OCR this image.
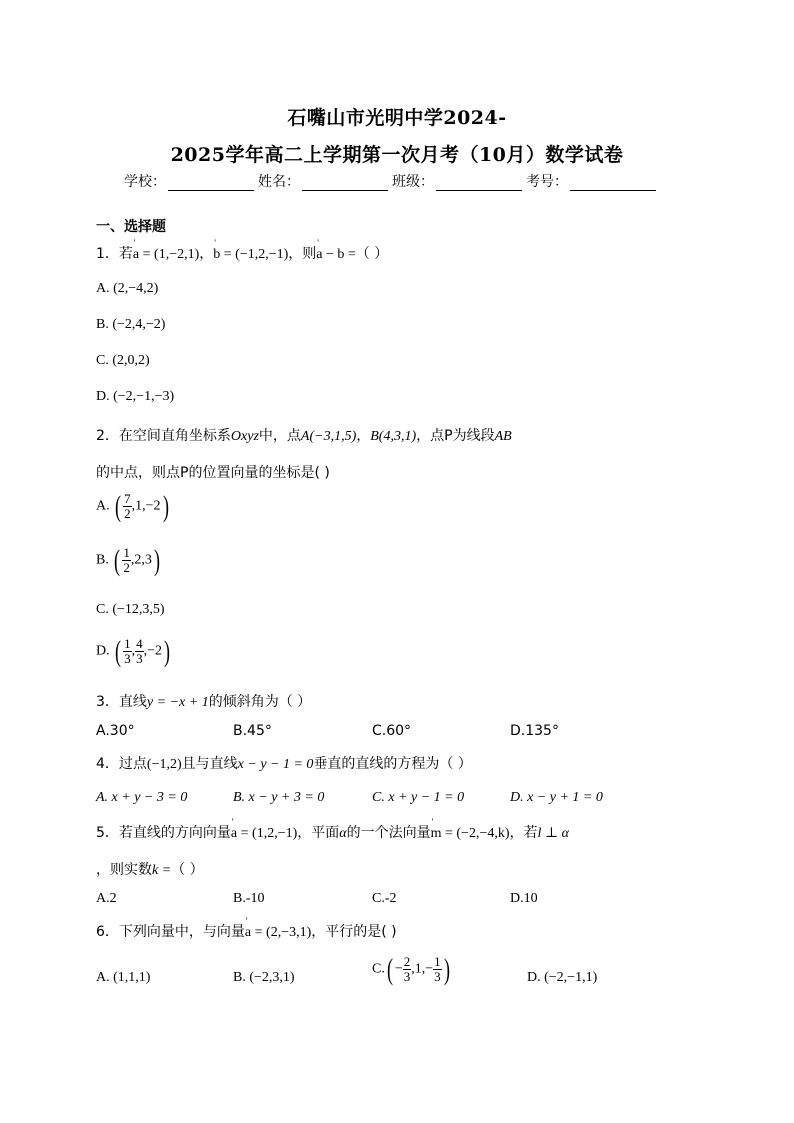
石嘴山市光明中学2024-
2025学年高二上学期第一次月考（10月）数学试卷
学校：	姓名：	班级：	考号：
一、选择题
1．若' a = (1,−2,1)，' b = (−1,2,−1)，则' a − b =（ ）
A. (2,−4,2)
B. (−2,4,−2)
C. (2,0,2)
D. (−2,−1,−3)
2．在空间直角坐标系Oxyz中，点A(−3,1,5)，B(4,3,1)，点P为线段AB
的中点，则点P的位置向量的坐标是( )
A. ( $\frac{7}{2} ,1,-2$)
B. ( $\frac{1}{2} ,2,3$)
C. (−12,3,5)
D. ( $\frac{1}{3}$ , $\frac{4}{3} ,-2$)
3．直线y = −x + 1的倾斜角为（ ）
A.30°	B.45°	C.60°	D.135°
4．过点(−1,2)且与直线x − y − 1 = 0垂直的直线的方程为（ ）
A. x + y − 3 = 0	B. x − y + 3 = 0	C. x + y − 1 = 0	D. x − y + 1 = 0
5．若直线的方向向量' a = (1,2,−1)，平面α的一个法向量' m = (−2,−4,k)，若l ⊥ α
，则实数k =（ ）
A.2	B.-10	C.-2	D.10
6．下列向量中，与向量' a = (2,−3,1)，平行的是( )
A. (1,1,1)	B. (−2,3,1)
$C.( - \frac{2}{3} ,1,- \frac{1}{3}$ )	D. (−2,−1,1)
